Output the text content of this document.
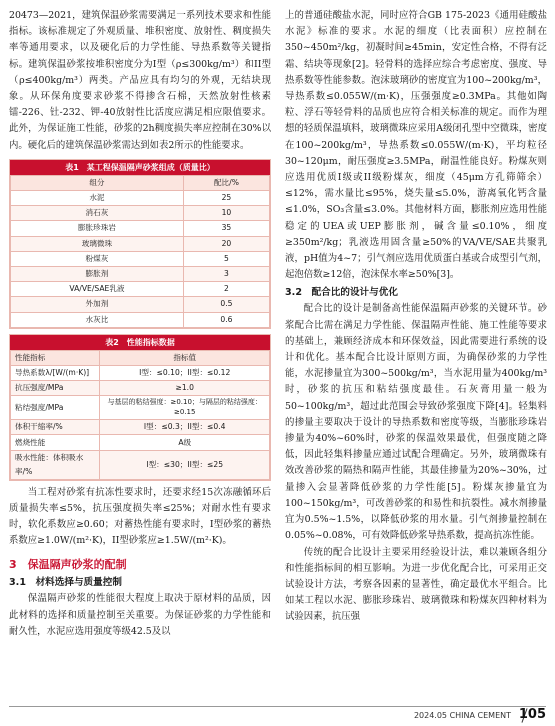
20473—2021，建筑保温砂浆需要满足一系列技术要求和性能指标。该标准规定了外观质量、堆积密度、放射性、稠度损失率等通用要求，以及硬化后的力学性能、导热系数等关键指标。建筑保温砂浆按堆积密度分为I型（ρ≤300kg/m³）和II型（ρ≤400kg/m³）两类。产品应具有均匀的外观，无结块现象。从环保角度要求砂浆不得掺含石棉，天然放射性核素镭-226、钍-232、钾-40放射性比活度应满足相应限值要求。此外，为保证施工性能，砂浆的2h稠度损失率应控制在30%以内。硬化后的建筑保温砂浆需达到如表2所示的性能要求。

表1　某工程保温隔声砂浆组成（质量比）
组分	配比/%
水泥	25
消石灰	10
膨胀珍珠岩	35
玻璃微珠	20
粉煤灰	5
膨胀剂	3
VA/VE/SAE乳液	2
外加剂	0.5
水灰比	0.6
表2　性能指标数据
性能指标	指标值
导热系数λ/[W/(m·K)]	I型：≤0.10；II型：≤0.12
抗压强度/MPa	≥1.0
粘结强度/MPa	与基层的粘结强度：≥0.10；与隔层的粘结强度：≥0.15
体积干缩率/%	I型：≤0.3；II型：≤0.4
燃烧性能	A级
吸水性能：体积吸水率/%	I型：≤30；II型：≤25

当工程对砂浆有抗冻性要求时，还要求经15次冻融循环后质量损失率≤5%，抗压强度损失率≤25%；对耐水性有要求时，软化系数应≥0.60；对蓄热性能有要求时，I型砂浆的蓄热系数应≥1.0W/(m²·K)，II型砂浆应≥1.5W/(m²·K)。

3　保温隔声砂浆的配制
3.1　材料选择与质量控制

保温隔声砂浆的性能很大程度上取决于原材料的品质，因此材料的选择和质量控制至关重要。为保证砂浆的力学性能和耐久性，水泥应选用强度等级42.5及以

上的普通硅酸盐水泥，同时应符合GB 175-2023《通用硅酸盐水泥》标准的要求。水泥的细度（比表面积）应控制在350~450m²/kg，初凝时间≥45min，安定性合格，不得有泛霜、结块等现象[2]。轻骨料的选择应综合考虑密度、强度、导热系数等性能参数。泡沫玻璃砂的密度宜为100~200kg/m³，导热系数≤0.055W/(m·K)，压强强度≥0.3MPa。其他如陶粒、浮石等轻骨料的品质也应符合相关标准的规定。而作为理想的轻质保温填料，玻璃微珠应采用A级闭孔型中空微珠，密度在100~200kg/m³，导热系数≤0.055W/(m·K)，平均粒径30~120μm，耐压强度≥3.5MPa，耐温性能良好。粉煤灰则应选用优质I级或II级粉煤灰，细度（45μm方孔筛筛余）≤12%，需水量比≤95%，烧失量≤5.0%，游离氧化钙含量≤1.0%，SO₃含量≤3.0%。其他材料方面，膨胀剂应选用性能稳定的UEA或UEP膨胀剂，碱含量≤0.10%，细度≥350m²/kg；乳液选用固含量≥50%的VA/VE/SAE共聚乳液，pH值为4~7；引气剂应选用优质蛋白基或合成型引气剂，起泡倍数≥12倍，泡沫保水率≥50%[3]。

3.2　配合比的设计与优化

配合比的设计是制备高性能保温隔声砂浆的关键环节。砂浆配合比需在满足力学性能、保温隔声性能、施工性能等要求的基础上，兼顾经济成本和环保效益，因此需要进行系统的设计和优化。基本配合比设计原则方面，为确保砂浆的力学性能，水泥掺量宜为300~500kg/m³，当水泥用量为400kg/m³时，砂浆的抗压和粘结强度最佳。石灰膏用量一般为50~100kg/m³，超过此范围会导致砂浆强度下降[4]。轻集料的掺量主要取决于设计的导热系数和密度等级，当膨胀珍珠岩掺量为40%~60%时，砂浆的保温效果最优，但强度随之降低，因此轻集料掺量应通过试配合理确定。另外，玻璃微珠有效改善砂浆的隔热和隔声性能，其最佳掺量为20%~30%，过量掺入会显著降低砂浆的力学性能[5]。粉煤灰掺量宜为100~150kg/m³，可改善砂浆的和易性和抗裂性。减水剂掺量宜为0.5%~1.5%，以降低砂浆的用水量。引气剂掺量控制在0.05%~0.08%，可有效降低砂浆导热系数，提高抗冻性能。

传统的配合比设计主要采用经验设计法，难以兼顾各组分和性能指标间的相互影响。为进一步优化配合比，可采用正交试验设计方法，考察各因素的显著性，确定最优水平组合。比如某工程以水泥、膨胀珍珠岩、玻璃微珠和粉煤灰四种材料为试验因素，抗压强

2024.05 CHINA CEMENT 105
